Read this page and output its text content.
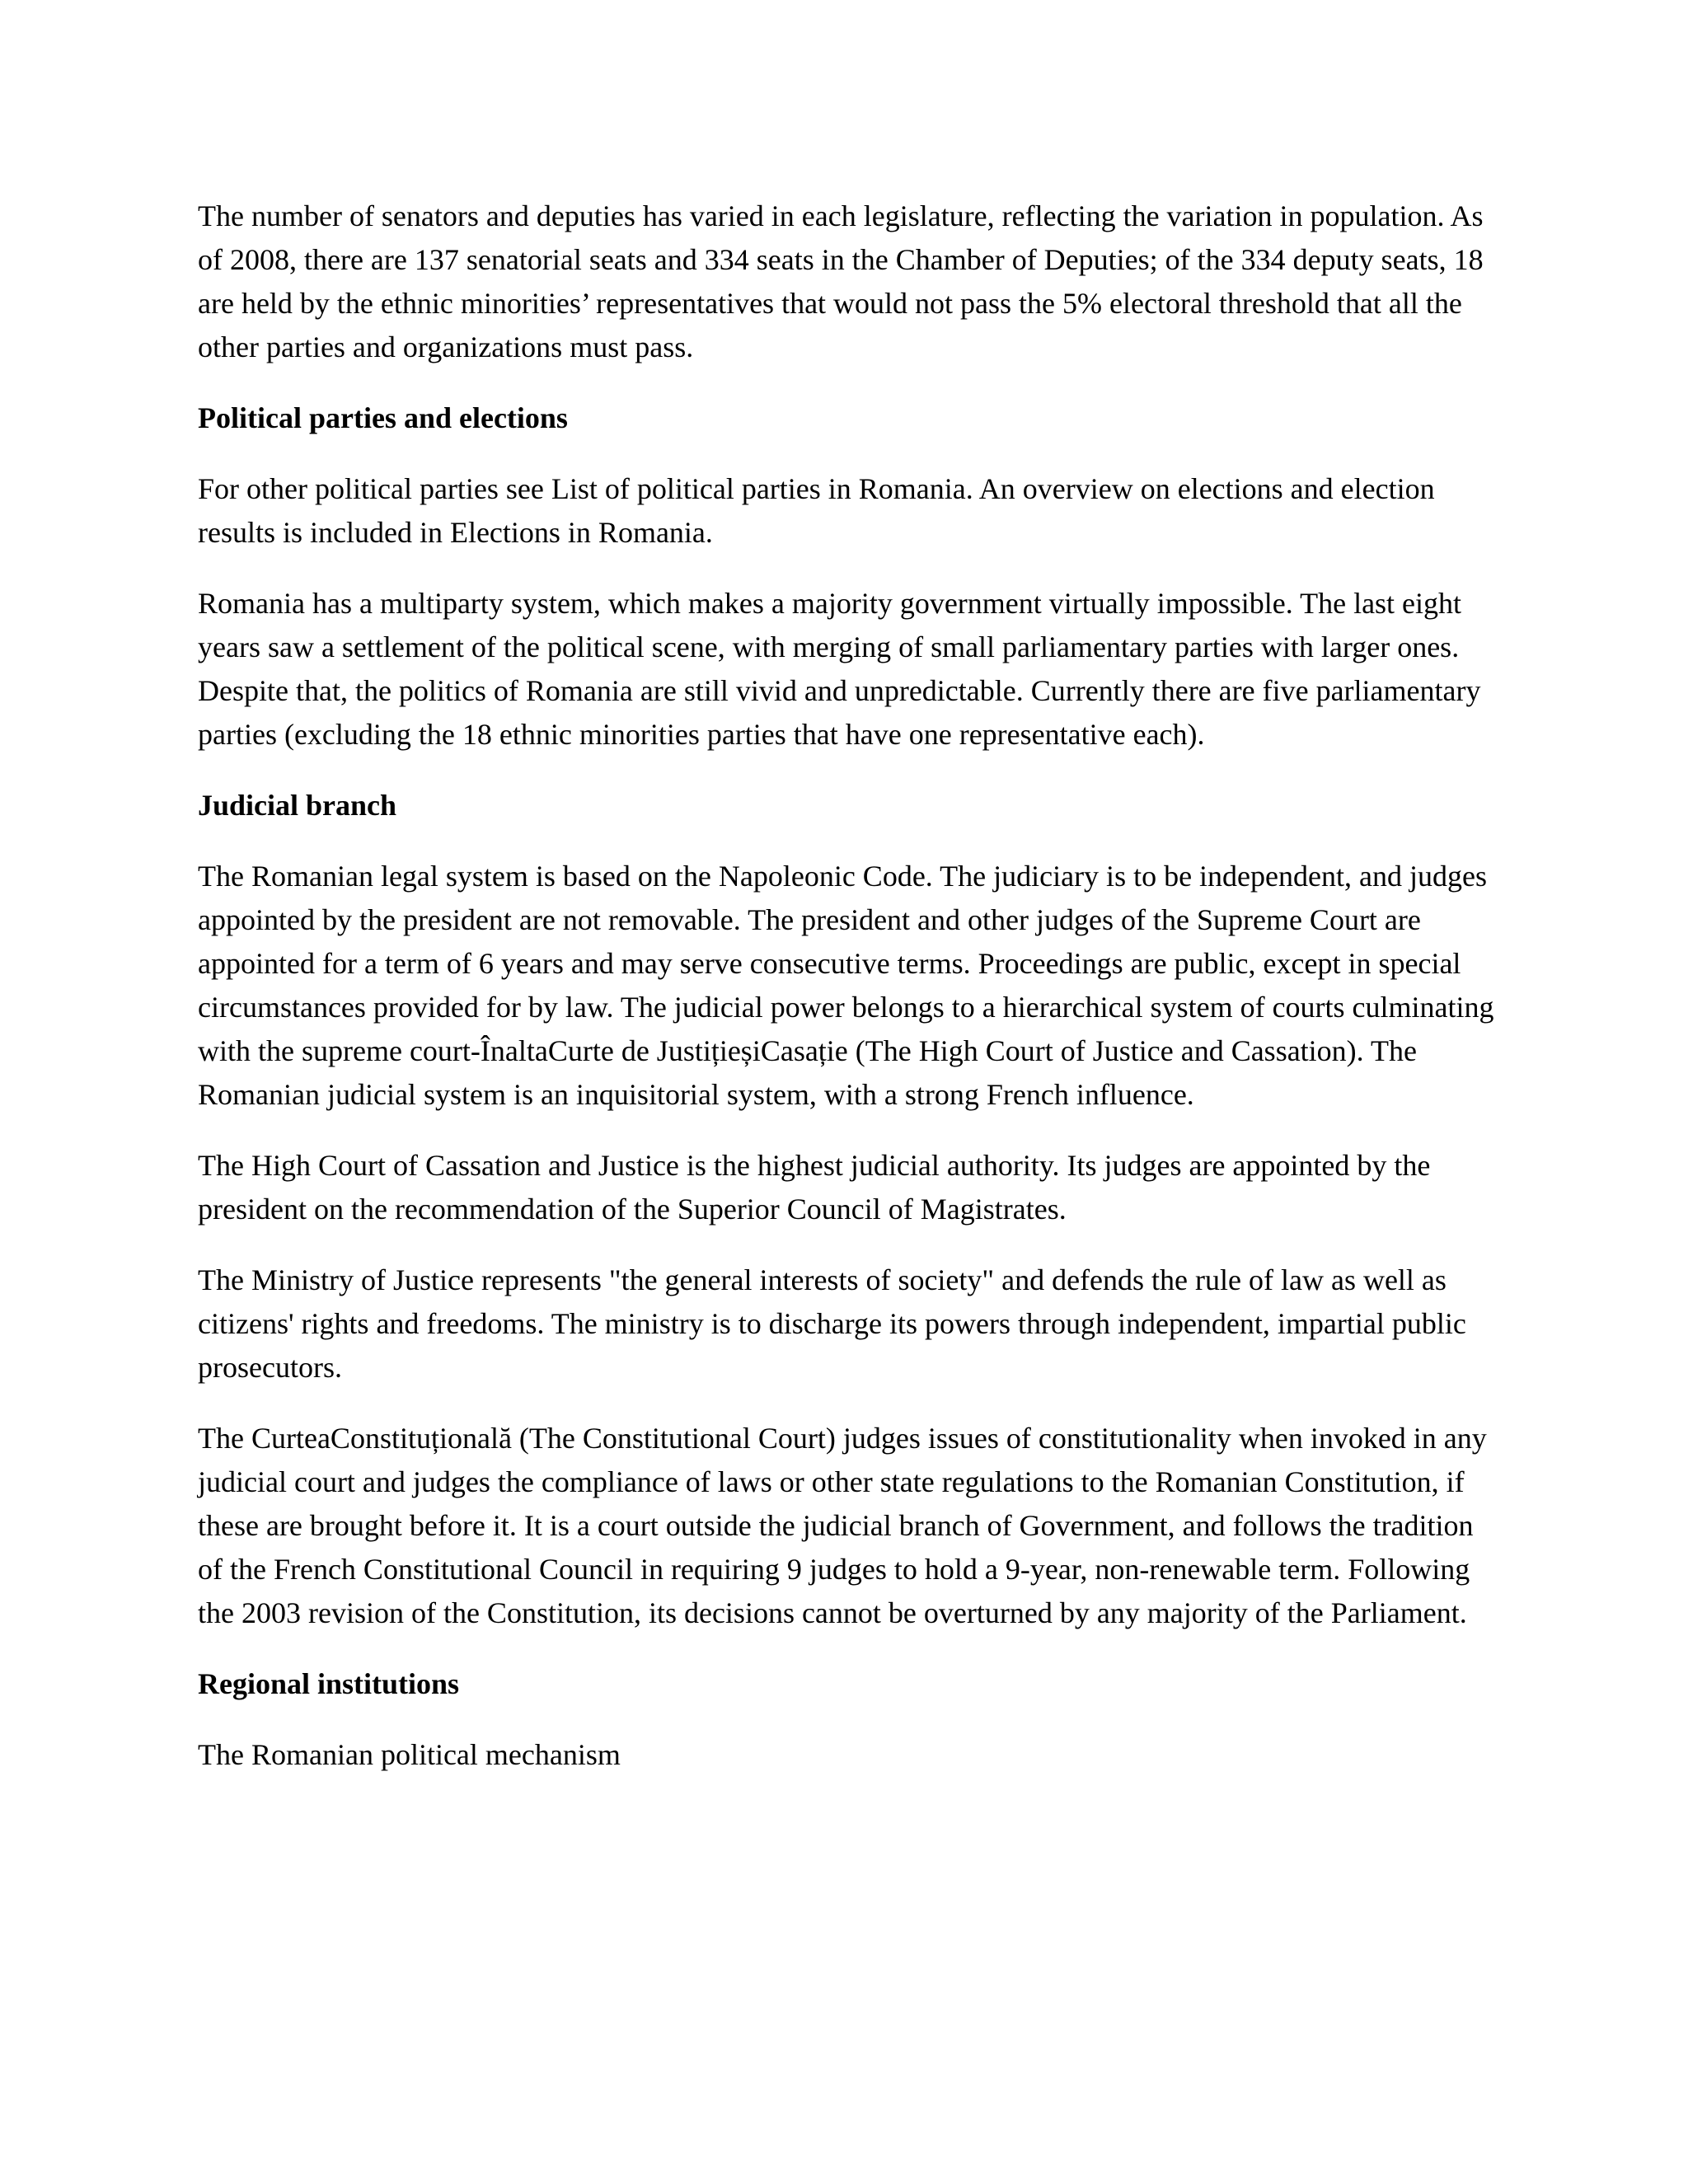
The number of senators and deputies has varied in each legislature, reflecting the variation in population. As of 2008, there are 137 senatorial seats and 334 seats in the Chamber of Deputies; of the 334 deputy seats, 18 are held by the ethnic minorities’ representatives that would not pass the 5% electoral threshold that all the other parties and organizations must pass.

Political parties and elections

For other political parties see List of political parties in Romania. An overview on elections and election results is included in Elections in Romania.

Romania has a multiparty system, which makes a majority government virtually impossible. The last eight years saw a settlement of the political scene, with merging of small parliamentary parties with larger ones. Despite that, the politics of Romania are still vivid and unpredictable. Currently there are five parliamentary parties (excluding the 18 ethnic minorities parties that have one representative each).

Judicial branch

The Romanian legal system is based on the Napoleonic Code. The judiciary is to be independent, and judges appointed by the president are not removable. The president and other judges of the Supreme Court are appointed for a term of 6 years and may serve consecutive terms. Proceedings are public, except in special circumstances provided for by law. The judicial power belongs to a hierarchical system of courts culminating with the supreme court-ÎnaltaCurte de JustițieșiCasație (The High Court of Justice and Cassation). The Romanian judicial system is an inquisitorial system, with a strong French influence.

The High Court of Cassation and Justice is the highest judicial authority. Its judges are appointed by the president on the recommendation of the Superior Council of Magistrates.

The Ministry of Justice represents "the general interests of society" and defends the rule of law as well as citizens' rights and freedoms. The ministry is to discharge its powers through independent, impartial public prosecutors.

The CurteaConstituțională (The Constitutional Court) judges issues of constitutionality when invoked in any judicial court and judges the compliance of laws or other state regulations to the Romanian Constitution, if these are brought before it. It is a court outside the judicial branch of Government, and follows the tradition of the French Constitutional Council in requiring 9 judges to hold a 9-year, non-renewable term. Following the 2003 revision of the Constitution, its decisions cannot be overturned by any majority of the Parliament.

Regional institutions

The Romanian political mechanism
